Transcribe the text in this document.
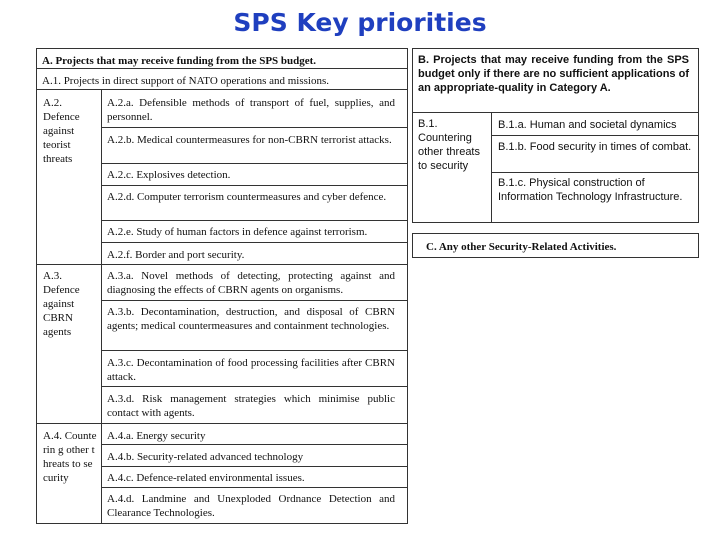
SPS Key priorities
A. Projects that may receive funding from the SPS budget.
A.1. Projects in direct support of NATO operations and missions.
A.2. Defence against teorist threats
A.2.a. Defensible methods of transport of fuel, supplies, and personnel.
A.2.b. Medical countermeasures for non-CBRN terrorist attacks.
A.2.c. Explosives detection.
A.2.d. Computer terrorism countermeasures and cyber defence.
A.2.e. Study of human factors in defence against terrorism.
A.2.f. Border and port security.
A.3. Defence against CBRN agents
A.3.a. Novel methods of detecting, protecting against and diagnosing the effects of CBRN agents on organisms.
A.3.b. Decontamination, destruction, and disposal of CBRN agents; medical countermeasures and containment technologies.
A.3.c. Decontamination of food processing facilities after CBRN attack.
A.3.d. Risk management strategies which minimise public contact with agents.
A.4. Counterin g other threats to security
A.4.a. Energy security
A.4.b. Security-related advanced technology
A.4.c. Defence-related environmental issues.
A.4.d. Landmine and Unexploded Ordnance Detection and Clearance Technologies.
B. Projects that may receive funding from the SPS budget only if there are no sufficient applications of an appropriate-quality in Category A.
B.1. Countering other threats to security
B.1.a. Human and societal dynamics
B.1.b. Food security in times of combat.
B.1.c. Physical construction of Information Technology Infrastructure.
C. Any other Security-Related Activities.
